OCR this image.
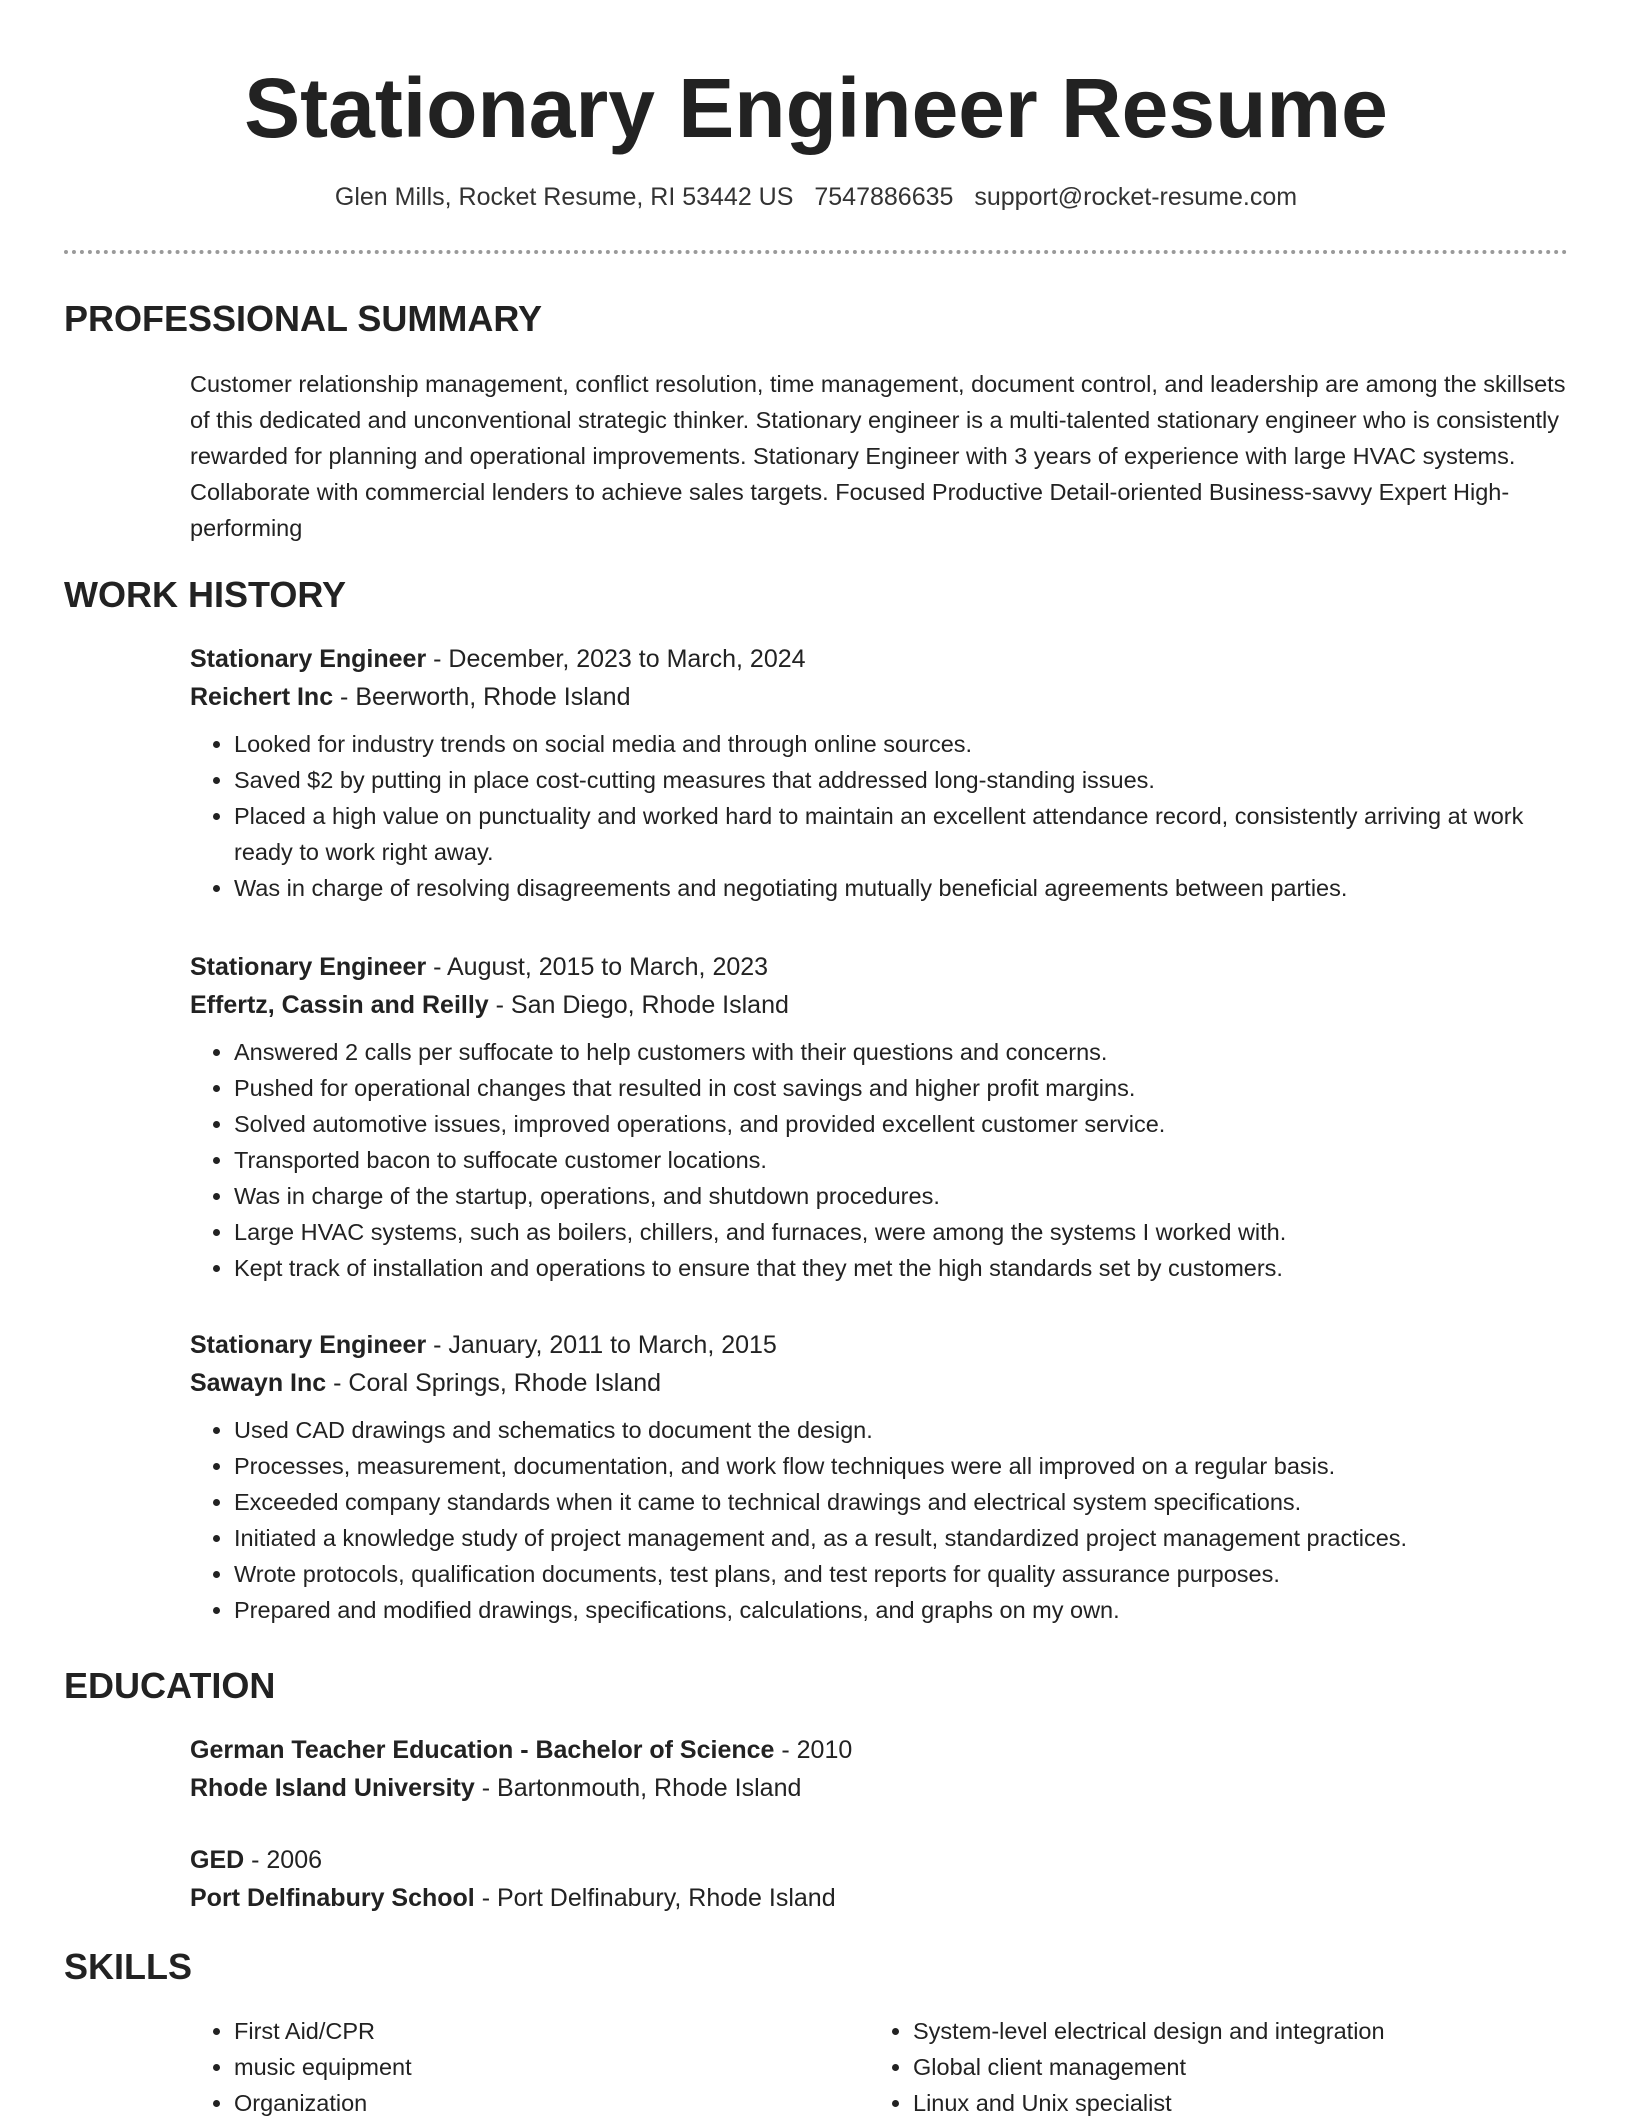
Stationary Engineer Resume
Glen Mills, Rocket Resume, RI 53442 US 7547886635 support@rocket-resume.com
PROFESSIONAL SUMMARY
Customer relationship management, conflict resolution, time management, document control, and leadership are among the skillsets of this dedicated and unconventional strategic thinker. Stationary engineer is a multi-talented stationary engineer who is consistently rewarded for planning and operational improvements. Stationary Engineer with 3 years of experience with large HVAC systems. Collaborate with commercial lenders to achieve sales targets. Focused Productive Detail-oriented Business-savvy Expert High-performing
WORK HISTORY
Stationary Engineer - December, 2023 to March, 2024
Reichert Inc - Beerworth, Rhode Island
• Looked for industry trends on social media and through online sources.
• Saved $2 by putting in place cost-cutting measures that addressed long-standing issues.
• Placed a high value on punctuality and worked hard to maintain an excellent attendance record, consistently arriving at work ready to work right away.
• Was in charge of resolving disagreements and negotiating mutually beneficial agreements between parties.
Stationary Engineer - August, 2015 to March, 2023
Effertz, Cassin and Reilly - San Diego, Rhode Island
• Answered 2 calls per suffocate to help customers with their questions and concerns.
• Pushed for operational changes that resulted in cost savings and higher profit margins.
• Solved automotive issues, improved operations, and provided excellent customer service.
• Transported bacon to suffocate customer locations.
• Was in charge of the startup, operations, and shutdown procedures.
• Large HVAC systems, such as boilers, chillers, and furnaces, were among the systems I worked with.
• Kept track of installation and operations to ensure that they met the high standards set by customers.
Stationary Engineer - January, 2011 to March, 2015
Sawayn Inc - Coral Springs, Rhode Island
• Used CAD drawings and schematics to document the design.
• Processes, measurement, documentation, and work flow techniques were all improved on a regular basis.
• Exceeded company standards when it came to technical drawings and electrical system specifications.
• Initiated a knowledge study of project management and, as a result, standardized project management practices.
• Wrote protocols, qualification documents, test plans, and test reports for quality assurance purposes.
• Prepared and modified drawings, specifications, calculations, and graphs on my own.
EDUCATION
German Teacher Education - Bachelor of Science - 2010
Rhode Island University - Bartonmouth, Rhode Island
GED - 2006
Port Delfinabury School - Port Delfinabury, Rhode Island
SKILLS
• First Aid/CPR
• music equipment
• Organization
• System-level electrical design and integration
• Global client management
• Linux and Unix specialist
